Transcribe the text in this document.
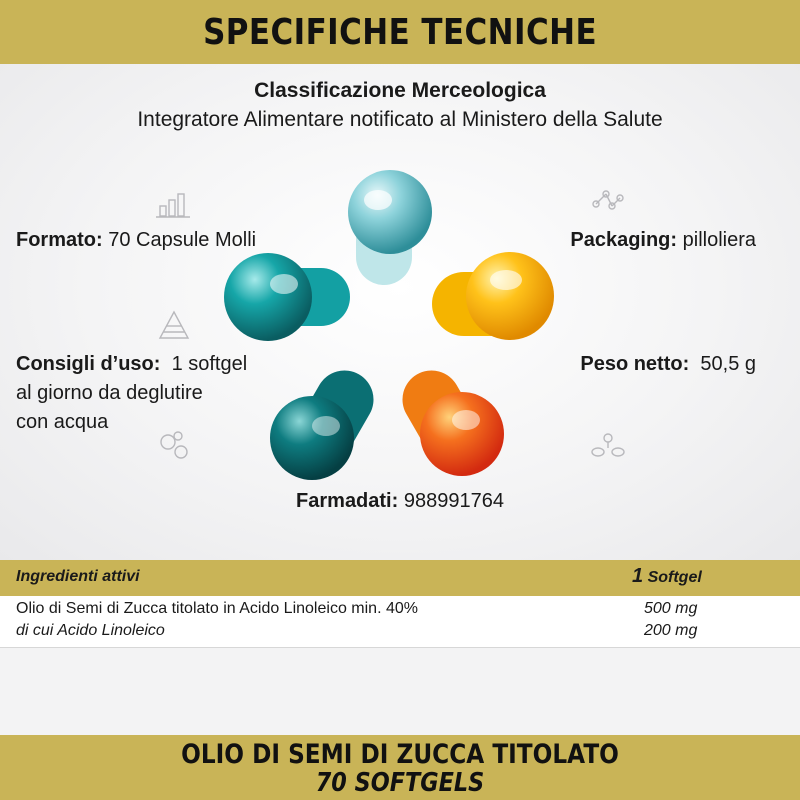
SPECIFICHE TECNICHE
Classificazione Merceologica
Integratore Alimentare notificato al Ministero della Salute
Formato: 70 Capsule Molli	Packaging: pilloliera
Consigli d’uso: 1 softgel
al giorno da deglutire
con acqua
Peso netto: 50,5 g
Farmadati: 988991764
Ingredienti attivi	1 Softgel
Olio di Semi di Zucca titolato in Acido Linoleico min. 40%	500 mg
di cui Acido Linoleico	200 mg
OLIO DI SEMI DI ZUCCA TITOLATO
70 SOFTGELS
